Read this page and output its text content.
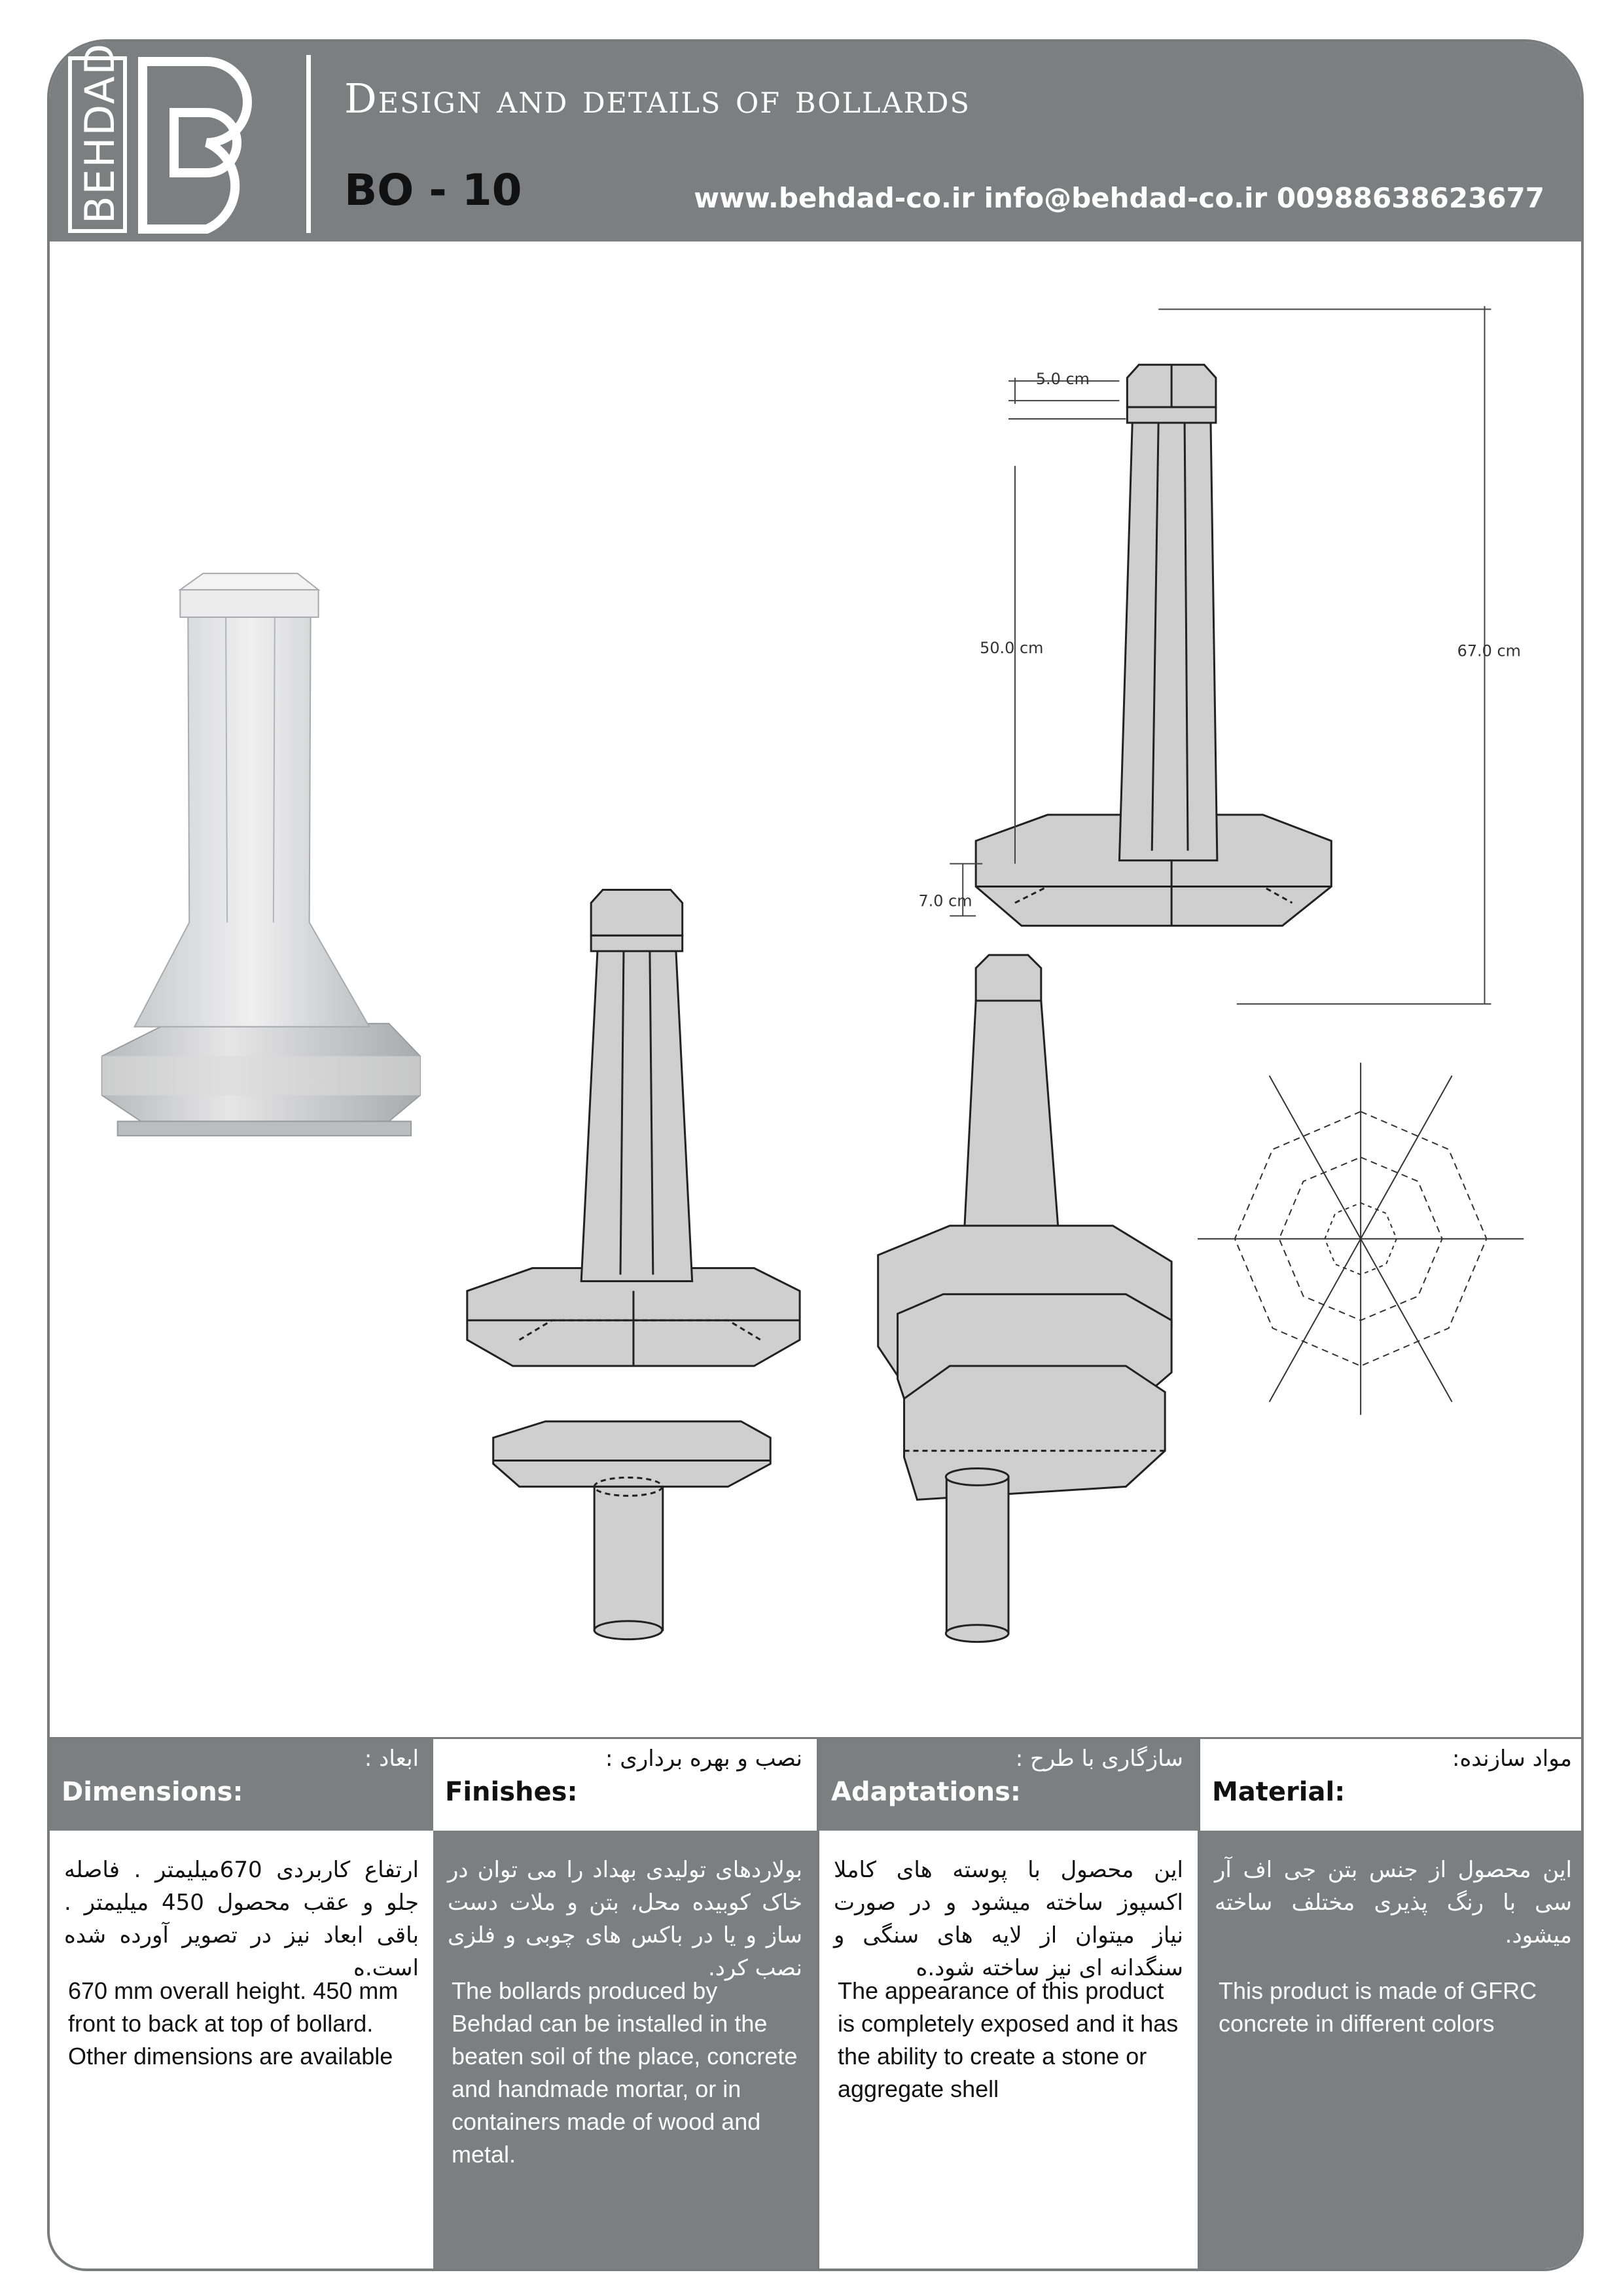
BEHDAD	Design and details of bollards
BO - 10	www.behdad-co.ir info@behdad-co.ir 00988638623677
5.0 cm
50.0 cm	67.0 cm
7.0 cm
ابعاد :
Dimensions:
ارتفاع کاربردی 670میلیمتر . فاصله جلو و عقب محصول 450 میلیمتر . باقی ابعاد نیز در تصویر آورده شده است.ه
670 mm overall height. 450 mm front to back at top of bollard. Other dimensions are available
نصب و بهره برداری :
Finishes:
بولاردهای تولیدی بهداد را می توان در خاک کوبیده محل، بتن و ملات دست ساز و یا در باکس های چوبی و فلزی نصب کرد.
The bollards produced by Behdad can be installed in the beaten soil of the place, concrete and handmade mortar, or in containers made of wood and metal.
سازگاری با طرح :
Adaptations:
این محصول با پوسته های کاملا اکسپوز ساخته میشود و در صورت نیاز میتوان از لایه های سنگی و سنگدانه ای نیز ساخته شود.ه
The appearance of this product is completely exposed and it has the ability to create a stone or aggregate shell
مواد سازنده:
Material:
این محصول از جنس بتن جی اف آر سی با رنگ پذیری مختلف ساخته میشود.
This product is made of GFRC concrete in different colors
